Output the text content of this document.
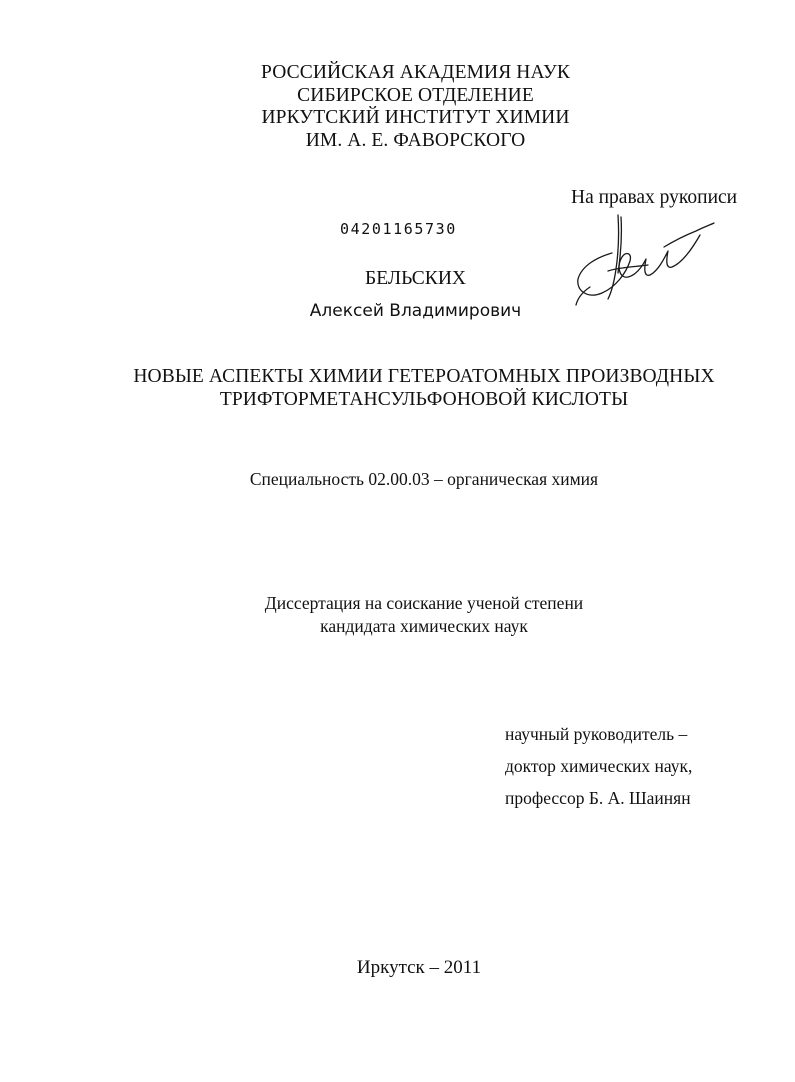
РОССИЙСКАЯ АКАДЕМИЯ НАУК
СИБИРСКОЕ ОТДЕЛЕНИЕ
ИРКУТСКИЙ ИНСТИТУТ ХИМИИ
ИМ. А. Е. ФАВОРСКОГО
На правах рукописи
04201165730
БЕЛЬСКИХ
Алексей Владимирович
НОВЫЕ АСПЕКТЫ ХИМИИ ГЕТЕРОАТОМНЫХ ПРОИЗВОДНЫХ
ТРИФТОРМЕТАНСУЛЬФОНОВОЙ КИСЛОТЫ
Специальность 02.00.03 – органическая химия
Диссертация на соискание ученой степени
кандидата химических наук
научный руководитель –
доктор химических наук,
профессор Б. А. Шаинян
Иркутск – 2011
